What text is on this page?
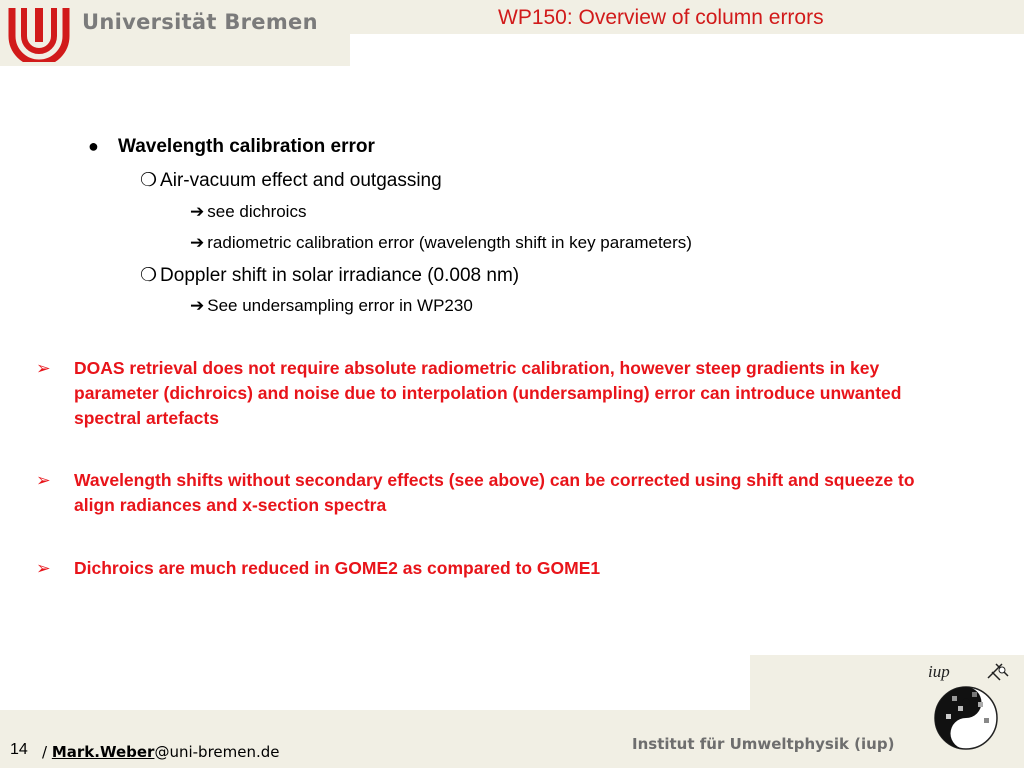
Universität Bremen	WP150: Overview of column errors
● Wavelength calibration error
❍ Air-vacuum effect and outgassing
➔ see dichroics
➔ radiometric calibration error (wavelength shift in key parameters)
❍ Doppler shift in solar irradiance (0.008 nm)
➔ See undersampling error in WP230
➢ DOAS retrieval does not require absolute radiometric calibration, however steep gradients in key parameter (dichroics) and noise due to interpolation (undersampling) error can introduce unwanted spectral artefacts
➢ Wavelength shifts without secondary effects (see above) can be corrected using shift and squeeze to align radiances and x-section spectra
➢ Dichroics are much reduced in GOME2 as compared to GOME1
14 / Mark.Weber@uni-bremen.de	Institut für Umweltphysik (iup)
iup
